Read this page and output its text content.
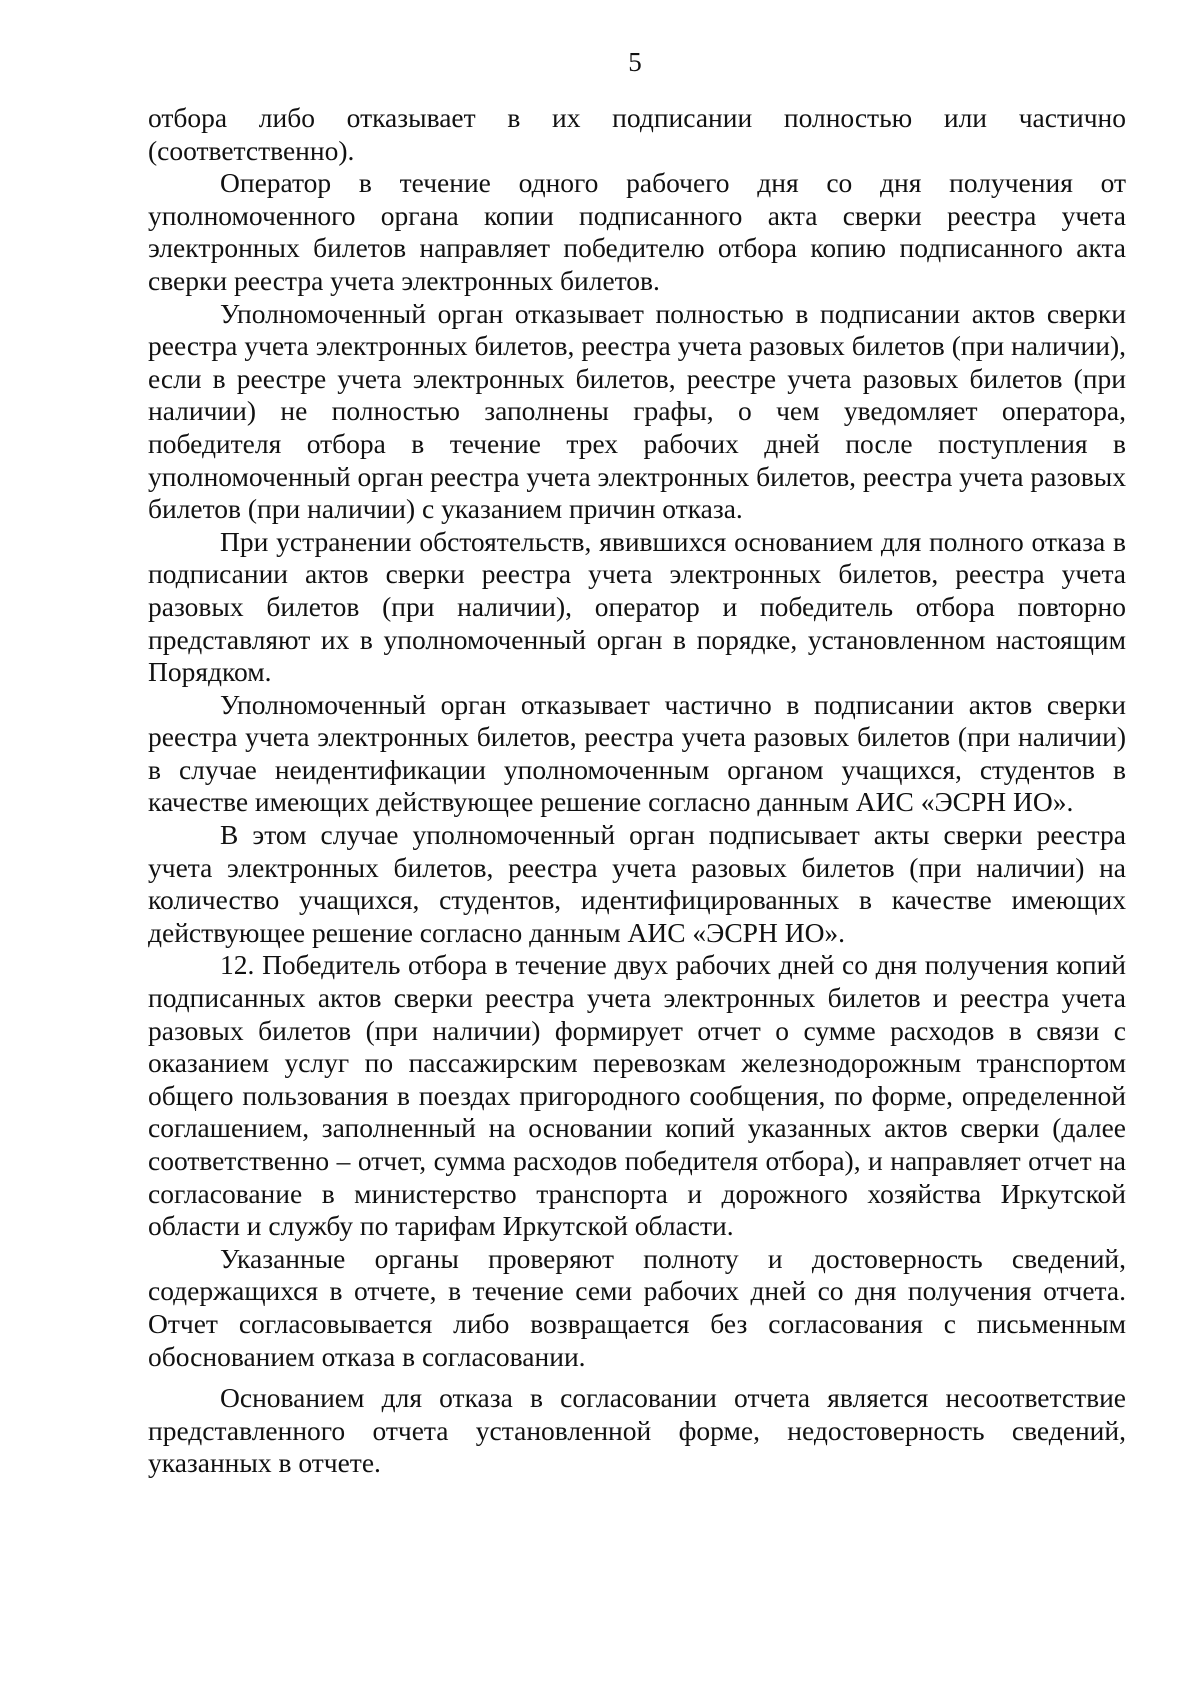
5

отбора либо отказывает в их подписании полностью или частично (соответственно).

Оператор в течение одного рабочего дня со дня получения от уполномоченного органа копии подписанного акта сверки реестра учета электронных билетов направляет победителю отбора копию подписанного акта сверки реестра учета электронных билетов.

Уполномоченный орган отказывает полностью в подписании актов сверки реестра учета электронных билетов, реестра учета разовых билетов (при наличии), если в реестре учета электронных билетов, реестре учета разовых билетов (при наличии) не полностью заполнены графы, о чем уведомляет оператора, победителя отбора в течение трех рабочих дней после поступления в уполномоченный орган реестра учета электронных билетов, реестра учета разовых билетов (при наличии) с указанием причин отказа.

При устранении обстоятельств, явившихся основанием для полного отказа в подписании актов сверки реестра учета электронных билетов, реестра учета разовых билетов (при наличии), оператор и победитель отбора повторно представляют их в уполномоченный орган в порядке, установленном настоящим Порядком.

Уполномоченный орган отказывает частично в подписании актов сверки реестра учета электронных билетов, реестра учета разовых билетов (при наличии) в случае неидентификации уполномоченным органом учащихся, студентов в качестве имеющих действующее решение согласно данным АИС «ЭСРН ИО».

В этом случае уполномоченный орган подписывает акты сверки реестра учета электронных билетов, реестра учета разовых билетов (при наличии) на количество учащихся, студентов, идентифицированных в качестве имеющих действующее решение согласно данным АИС «ЭСРН ИО».

12. Победитель отбора в течение двух рабочих дней со дня получения копий подписанных актов сверки реестра учета электронных билетов и реестра учета разовых билетов (при наличии) формирует отчет о сумме расходов в связи с оказанием услуг по пассажирским перевозкам железнодорожным транспортом общего пользования в поездах пригородного сообщения, по форме, определенной соглашением, заполненный на основании копий указанных актов сверки (далее соответственно – отчет, сумма расходов победителя отбора), и направляет отчет на согласование в министерство транспорта и дорожного хозяйства Иркутской области и службу по тарифам Иркутской области.

Указанные органы проверяют полноту и достоверность сведений, содержащихся в отчете, в течение семи рабочих дней со дня получения отчета. Отчет согласовывается либо возвращается без согласования с письменным обоснованием отказа в согласовании.

Основанием для отказа в согласовании отчета является несоответствие представленного отчета установленной форме, недостоверность сведений, указанных в отчете.
